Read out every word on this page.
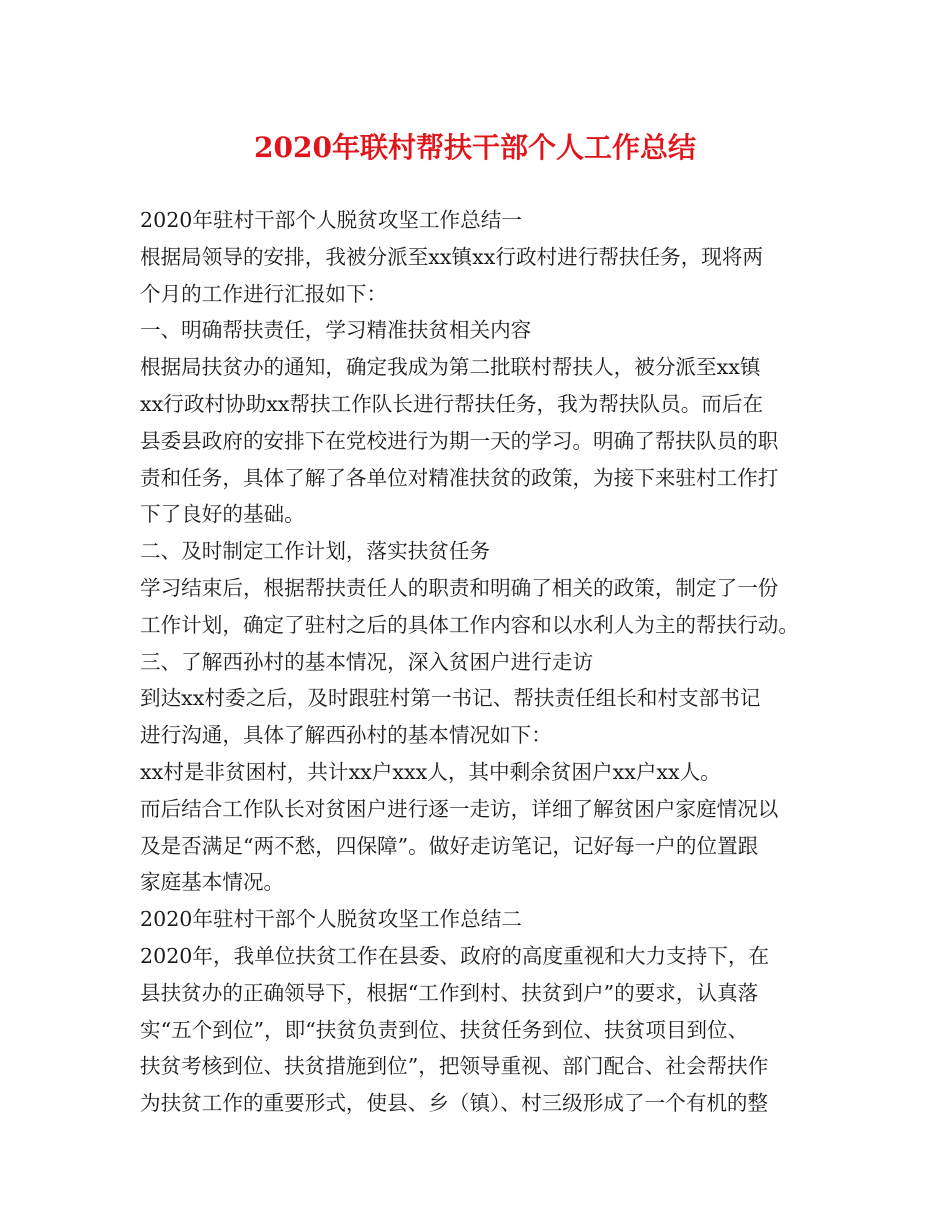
2020年联村帮扶干部个人工作总结
2020年驻村干部个人脱贫攻坚工作总结一
根据局领导的安排，我被分派至xx镇xx行政村进行帮扶任务，现将两
个月的工作进行汇报如下：
一、明确帮扶责任，学习精准扶贫相关内容
根据局扶贫办的通知，确定我成为第二批联村帮扶人，被分派至xx镇
xx行政村协助xx帮扶工作队长进行帮扶任务，我为帮扶队员。而后在
县委县政府的安排下在党校进行为期一天的学习。明确了帮扶队员的职
责和任务，具体了解了各单位对精准扶贫的政策，为接下来驻村工作打
下了良好的基础。
二、及时制定工作计划，落实扶贫任务
学习结束后，根据帮扶责任人的职责和明确了相关的政策，制定了一份
工作计划，确定了驻村之后的具体工作内容和以水利人为主的帮扶行动。
三、了解西孙村的基本情况，深入贫困户进行走访
到达xx村委之后，及时跟驻村第一书记、帮扶责任组长和村支部书记
进行沟通，具体了解西孙村的基本情况如下：
xx村是非贫困村，共计xx户xxx人，其中剩余贫困户xx户xx人。
而后结合工作队长对贫困户进行逐一走访，详细了解贫困户家庭情况以
及是否满足“两不愁，四保障”。做好走访笔记，记好每一户的位置跟
家庭基本情况。
2020年驻村干部个人脱贫攻坚工作总结二
2020年，我单位扶贫工作在县委、政府的高度重视和大力支持下，在
县扶贫办的正确领导下，根据“工作到村、扶贫到户”的要求，认真落
实“五个到位”，即“扶贫负责到位、扶贫任务到位、扶贫项目到位、
扶贫考核到位、扶贫措施到位”，把领导重视、部门配合、社会帮扶作
为扶贫工作的重要形式，使县、乡（镇）、村三级形成了一个有机的整
